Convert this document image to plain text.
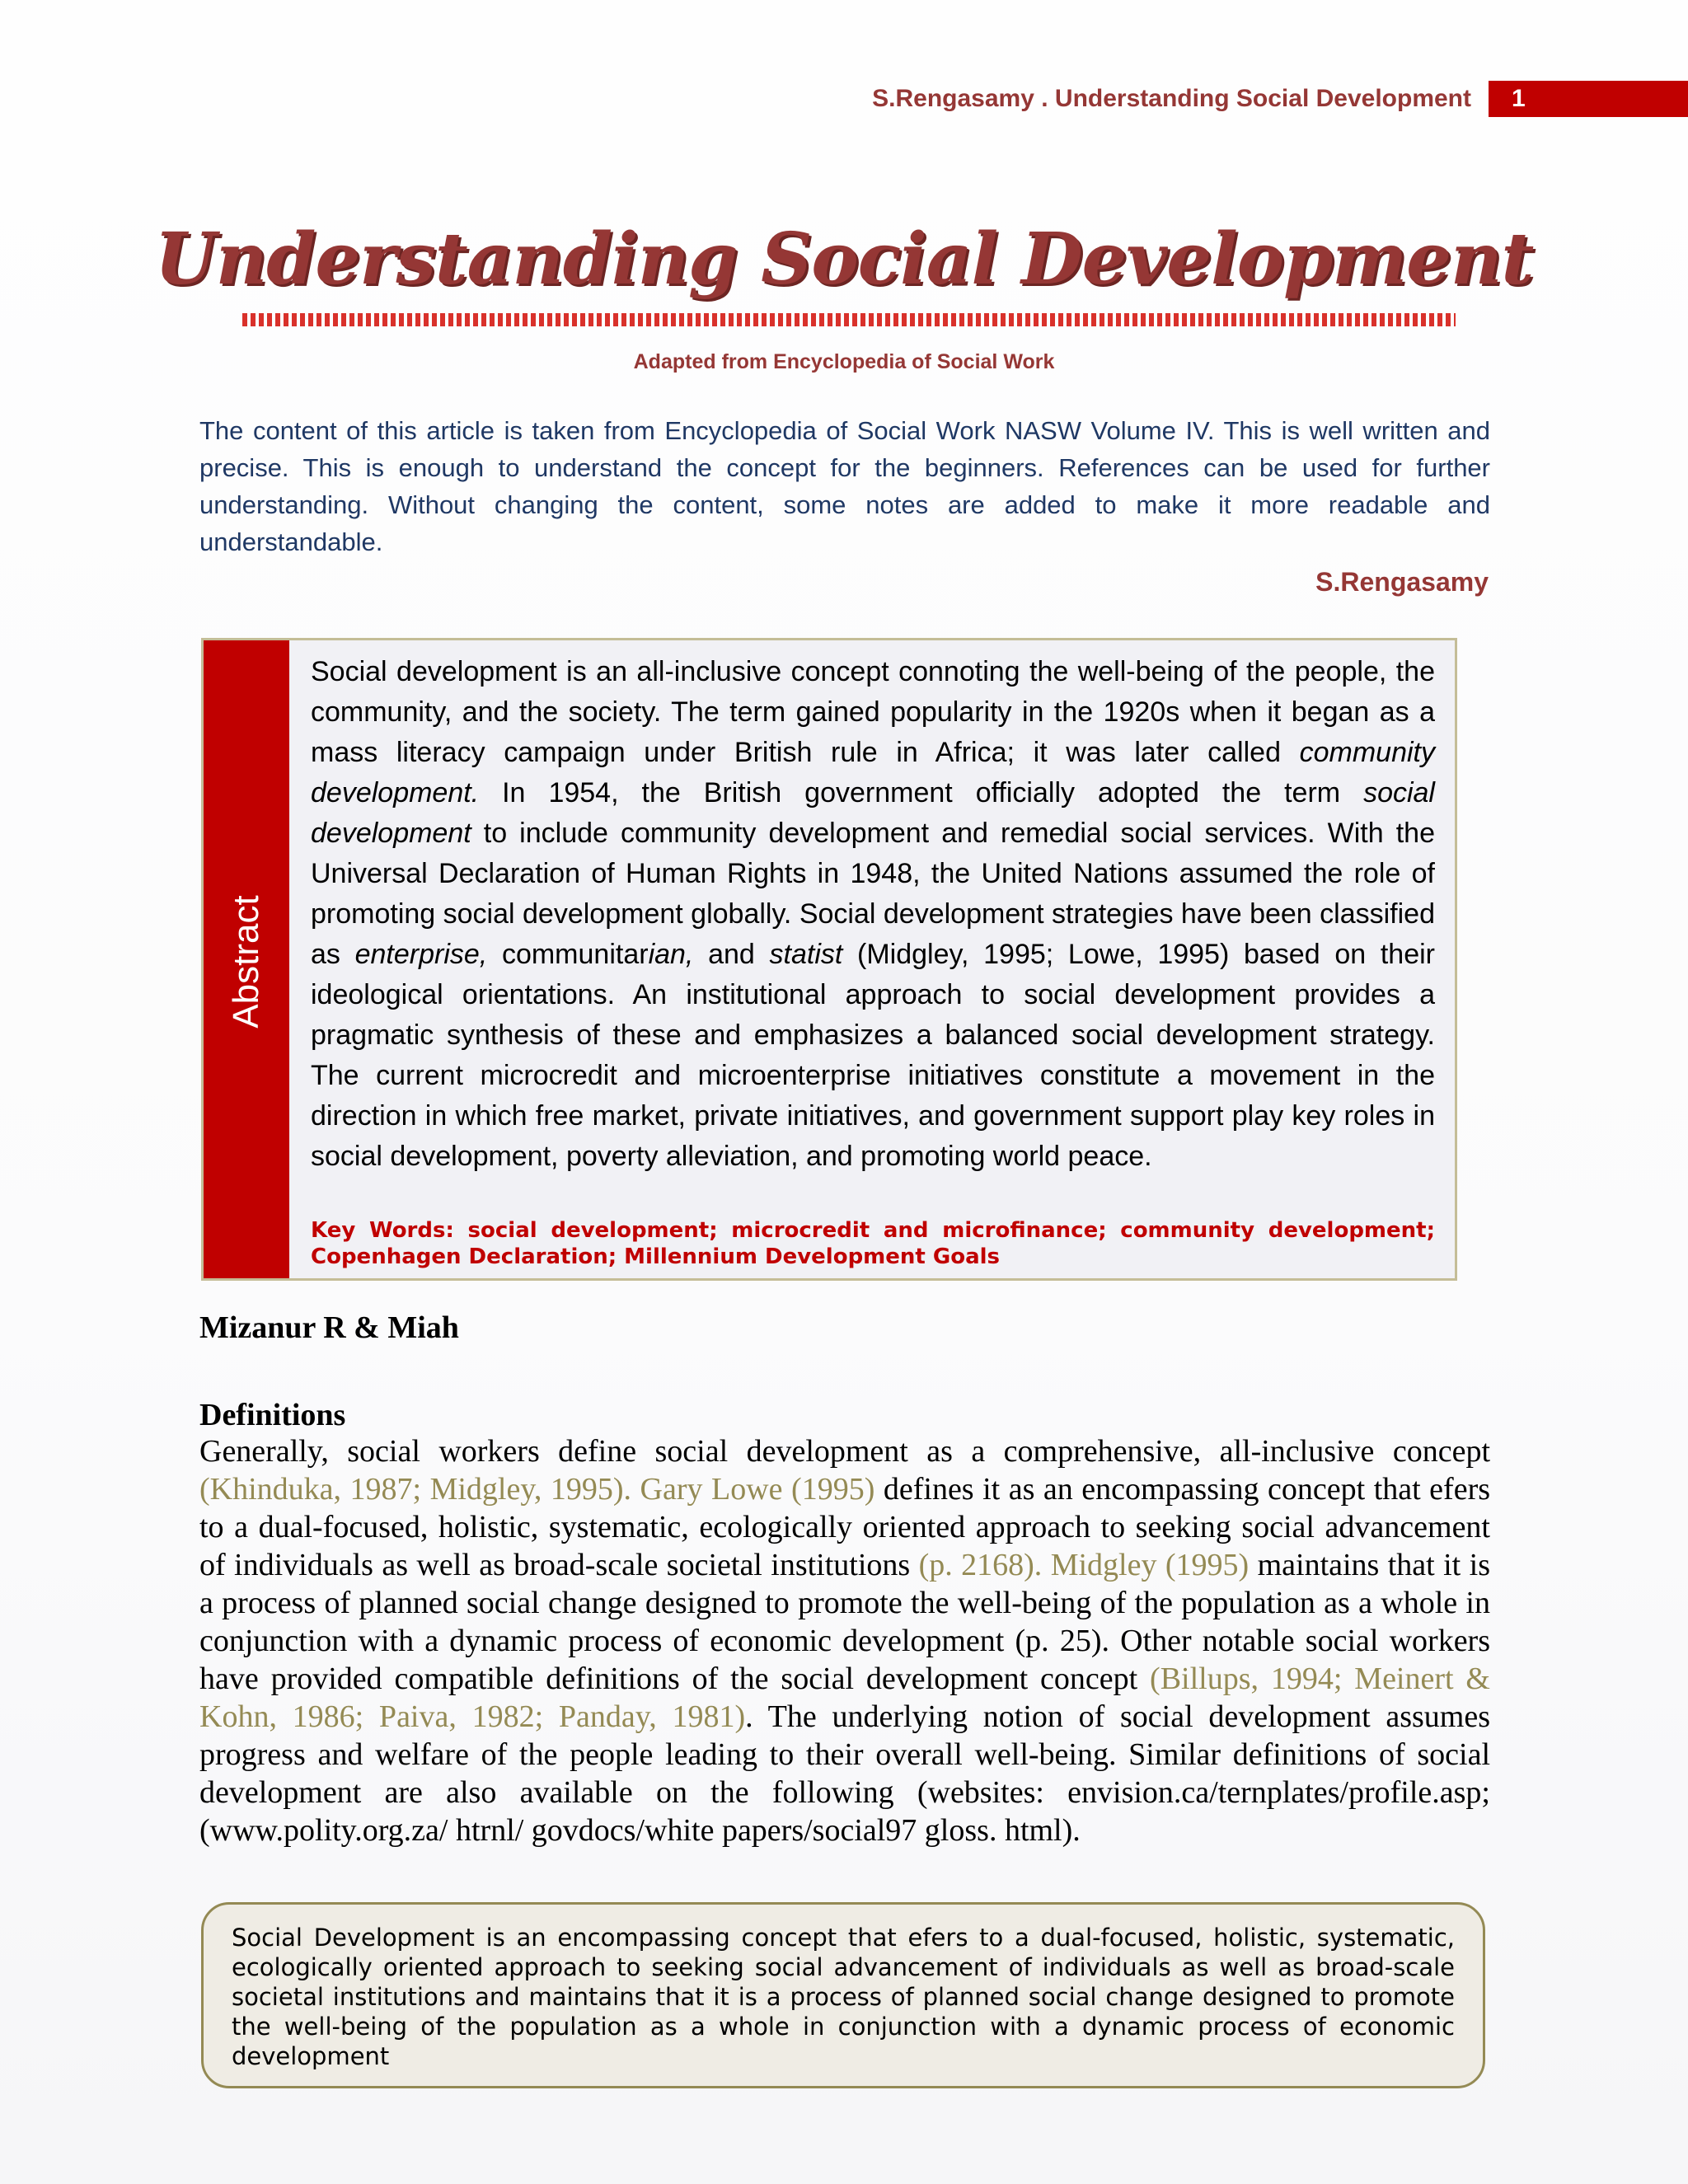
S.Rengasamy . Understanding Social Development 1
Understanding Social Development
Adapted from Encyclopedia of Social Work
The content of this article is taken from Encyclopedia of Social Work NASW Volume IV. This is well written and precise. This is enough to understand the concept for the beginners. References can be used for further understanding. Without changing the content, some notes are added to make it more readable and understandable.
S.Rengasamy
Abstract
Social development is an all-inclusive concept connoting the well-being of the people, the community, and the society. The term gained popularity in the 1920s when it began as a mass literacy campaign under British rule in Africa; it was later called community development. In 1954, the British government officially adopted the term social development to include community development and remedial social services. With the Universal Declaration of Human Rights in 1948, the United Nations assumed the role of promoting social development globally. Social development strategies have been classified as enterprise, communitarian, and statist (Midgley, 1995; Lowe, 1995) based on their ideological orientations. An institutional approach to social development provides a pragmatic synthesis of these and emphasizes a balanced social development strategy. The current microcredit and microenterprise initiatives constitute a movement in the direction in which free market, private initiatives, and government support play key roles in social development, poverty alleviation, and promoting world peace.
Key Words: social development; microcredit and microfinance; community development; Copenhagen Declaration; Millennium Development Goals
Mizanur R & Miah
Definitions
Generally, social workers define social development as a comprehensive, all-inclusive concept (Khinduka, 1987; Midgley, 1995). Gary Lowe (1995) defines it as an encompassing concept that efers to a dual-focused, holistic, systematic, ecologically oriented approach to seeking social advancement of individuals as well as broad-scale societal institutions (p. 2168). Midgley (1995) maintains that it is a process of planned social change designed to promote the well-being of the population as a whole in conjunction with a dynamic process of economic development (p. 25). Other notable social workers have provided compatible definitions of the social development concept (Billups, 1994; Meinert & Kohn, 1986; Paiva, 1982; Panday, 1981). The underlying notion of social development assumes progress and welfare of the people leading to their overall well-being. Similar definitions of social development are also available on the following (websites: envision.ca/ternplates/profile.asp; (www.polity.org.za/ htrnl/ govdocs/white papers/social97 gloss. html).
Social Development is an encompassing concept that efers to a dual-focused, holistic, systematic, ecologically oriented approach to seeking social advancement of individuals as well as broad-scale societal institutions and maintains that it is a process of planned social change designed to promote the well-being of the population as a whole in conjunction with a dynamic process of economic development
